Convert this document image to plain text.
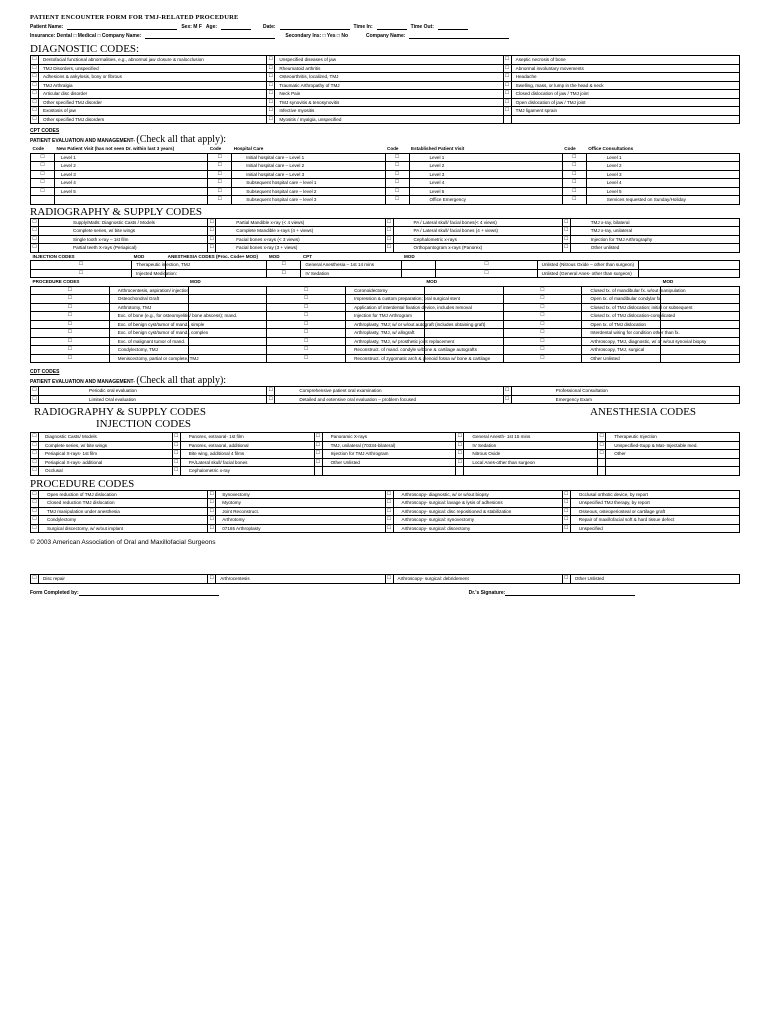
PATIENT ENCOUNTER FORM FOR TMJ-RELATED PROCEDURE
Patient Name:	Sex: M F Age:	Date:	Time In:	Time Out:
Insurance: Dental □ Medical □ Company Name:	Secondary Ins: □ Yes □ No	Company Name:
DIAGNOSTIC CODES:
□	Dentofacial functional abnormalities, e.g., abnormal jaw closure & malocclusion	□	Unspecified diseases of jaw	□	Aseptic necrosis of bone
□	TMJ Disorders, unspecified	□	Rheumatoid arthritis	□	Abnormal involuntary movements
□	Adhesions & ankylosis, bony or fibrous	□	Osteoarthritis, localized, TMJ	□	Headache
□	TMJ Arthralgia	□	Traumatic Arthropathy of TMJ	□	Swelling, mass, or lump in the head & neck
□	Articular disc disorder	□	Neck Pain	□	Closed dislocation of jaw / TMJ joint
□	Other specified TMJ disorder	□	TMJ synovitis & tenosynovitis	□	Open dislocation of jaw / TMJ joint
□	Exostosis of jaw	□	Infective myositis	□	TMJ ligament sprain
□	Other specified TMJ disorders	□	Myositis / myalgia, unspecified		
CPT CODES
PATIENT EVALUATION AND MANAGEMENT- (Check all that apply):
Code	New Patient Visit (has not seen Dr. within last 3 years)	Code	Hospital Care	Code	Established Patient Visit	Code	Office Consultations
□	Level 1	□	Initial hospital care – Level 1	□	Level 1	□	Level 1
□	Level 2	□	Initial hospital care – Level 2	□	Level 2	□	Level 2
□	Level 3	□	Initial hospital care – Level 3	□	Level 3	□	Level 3
□	Level 4	□	Subsequent hospital care – level 1	□	Level 4	□	Level 4
□	Level 5	□	Subsequent hospital care – level 2	□	Level 5	□	Level 5
		□	Subsequent hospital care – level 3	□	Office Emergency	□	Services requested on Sunday/Holiday
RADIOGRAPHY & SUPPLY CODES
□	Supply/Matls: Diagnostic Casts / Models	□	Partial Mandible x-ray (< 4 views)	□	PA / Lateral skull/ facial bones(< 4 views)	□	TMJ x-ray, bilateral
□	Complete series, w/ bite wings	□	Complete Mandible x-rays (4 + views)	□	PA / Lateral skull/ facial bones (4 + views)	□	TMJ x-ray, unilateral
□	Single tooth x-ray – 1st film	□	Facial bones x-rays (< 3 views)	□	Cephalometric x-rays	□	Injection for TMJ Arthrography
□	Partial teeth X-rays (Periapical)	□	Facial bones x-ray (3 + views)	□	Orthopantogram x-rays (Panorex)	□	Other unlisted
INJECTION CODES	MOD	ANESTHESIA CODES (Proc. Code+ MOD)	MOD	CPT	MOD			
□	Therapeutic injection, TMJ		□	General Anesthesia – 1st 14 mins		□	Unlisted (Nitrous Oxide – other than surgeon)	
□	Injected Medication:		□	IV Sedation		□	Unlisted (General Anes- other than surgeon)	
PROCEDURE CODES		MOD			MOD			MOD
□	Arthrocentesis, aspiration/ injection		□	Coronoidectomy		□	Closed tx. of mandibular fx. w/out manipulation	
□	Osteochondral Graft		□	Impression & custom preparation; oral surgical stent		□	Open tx. of mandibular condylar fx.	
□	Arthrotomy, TMJ		□	Application of interdental fixation device, includes removal		□	Closed tx. of TMJ dislocation; initial or subsequent	
□	Exc. of bone (e.g., for osteomyelitis/ bone abscess); mand.		□	Injection for TMJ Arthrogram		□	Closed tx. of TMJ dislocation-complicated	
□	Exc. of benign cyst/tumor of mand., simple		□	Arthroplasty, TMJ; w/ or w/out autograft (includes obtaining graft)		□	Open tx. of TMJ dislocation	
□	Exc. of benign cyst/tumor of mand., complex		□	Arthroplasty, TMJ, w/ allograft		□	Interdental wiring for condition other than fx.	
□	Exc. of malignant tumor of mand.		□	Arthroplasty, TMJ, w/ prosthetic joint replacement		□	Arthroscopy, TMJ, diagnostic, w/ or w/out synovial biopsy	
□	Condylectomy, TMJ		□	Reconstruct. of mand. condyle w/bone & cartilage autografts		□	Arthroscopy, TMJ, surgical	
□	Meniscectomy, partial or complete, TMJ		□	Reconstruct. of zygomatic arch & glenoid fossa w/ bone & cartilage		□	Other Unlisted	
CDT CODES
PATIENT EVALUATION AND MANAGEMENT- (Check all that apply):
□	Periodic oral evaluation	□	Comprehensive patient oral examination	□	Professional Consultation
□	Limited Oral evaluation	□	Detailed and extensive oral evaluation – problem focused	□	Emergency Exam
RADIOGRAPHY & SUPPLY CODES	ANESTHESIA CODES
INJECTION CODES
□	Diagnostic Casts/ Models	□	Panorex, extraoral- 1st film	□	Panoramic X-rays	□	General Anesth- 1st 15 mins	□	Therapeutic Injection
□	Complete series, w/ bite wings	□	Panorex, extraoral, additional	□	TMJ, unilateral (70334-bilateral)	□	IV Sedation	□	Unspecified-Supp & Mat- Injectable med.
□	Periapical X-rays- 1st film	□	Bite wing, additional 4 films	□	Injection for TMJ Arthrogram	□	Nitrous Oxide	□	Other
□	Periapical X-rays- additional	□	PA/Lateral skull/ facial bones	□	Other Unlisted	□	Local Anes-other than surgeon		
□	Occlusal	□	Cephalometric x-ray						
PROCEDURE CODES
□	Open reduction of TMJ dislocation	□	Synovectomy	□	Arthroscopy- diagnostic, w/ or w/out biopsy	□	Occlusal orthotic device, by report
□	Closed reduction TMJ dislocation	□	Myotomy	□	Arthroscopy- surgical: lavage & lysis of adhesions	□	Unspecified TMJ therapy, by report
□	TMJ manipulation under anesthesia	□	Joint Reconstruct.	□	Arthroscopy- surgical: disc repositioned & stabilization	□	Osseous, osteoperiosteal or cartilage graft
□	Condylectomy	□	Arthrotomy	□	Arthroscopy- surgical: synovectomy	□	Repair of maxillofacial soft & hard tissue defect
□	Surgical discectomy, w/ w/out implant	□	07165 Arthroplasty	□	Arthroscopy- surgical: discectomy	□	Unspecified
© 2003 American Association of Oral and Maxillofacial Surgeons
□	Disc repair	□	Arthrocentesis	□	Arthroscopy- surgical: debridement	□	Other Unlisted
Form Completed by:	Dr.'s Signature:
